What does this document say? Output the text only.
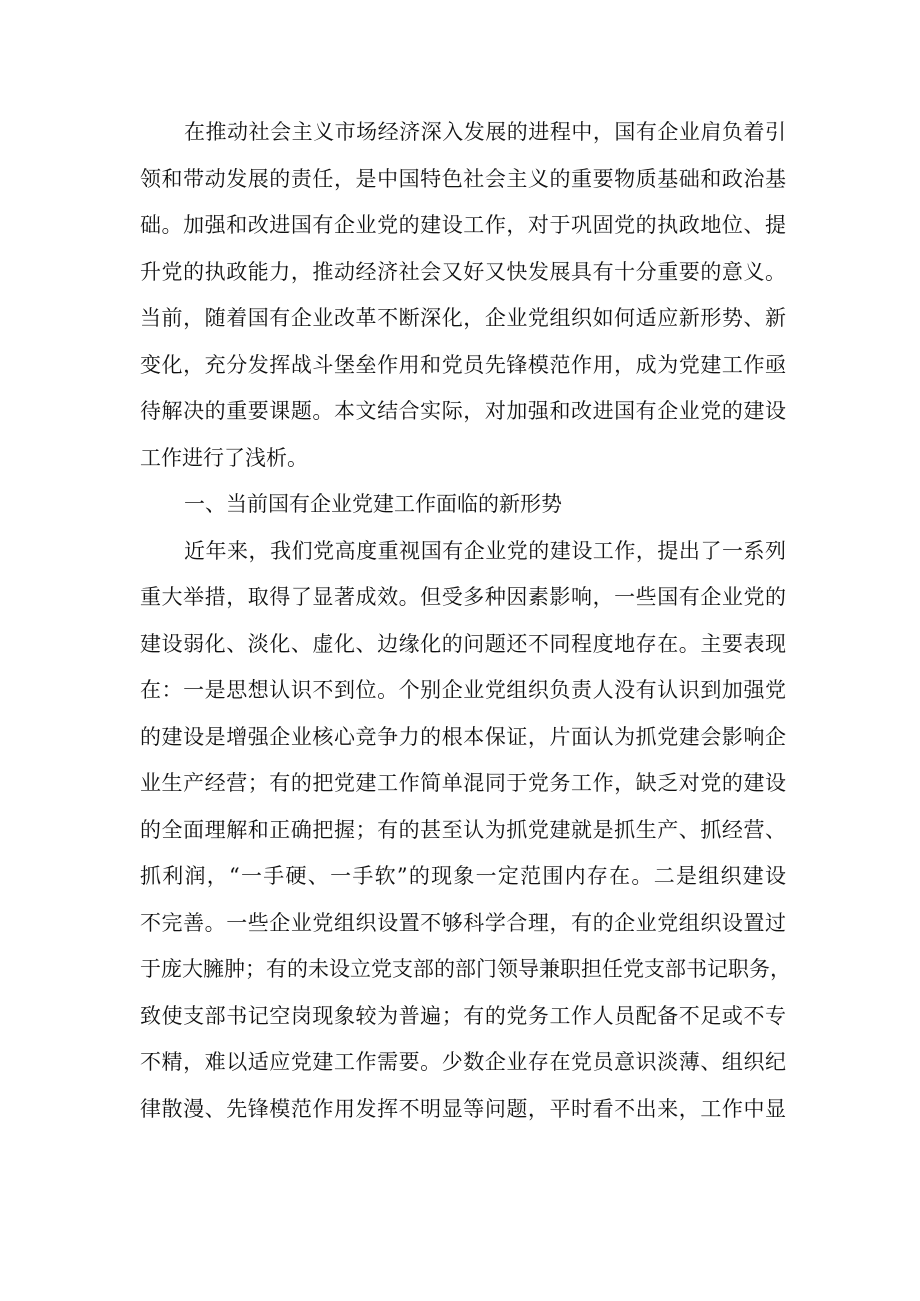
在推动社会主义市场经济深入发展的进程中，国有企业肩负着引
领和带动发展的责任，是中国特色社会主义的重要物质基础和政治基
础。加强和改进国有企业党的建设工作，对于巩固党的执政地位、提
升党的执政能力，推动经济社会又好又快发展具有十分重要的意义。
当前，随着国有企业改革不断深化，企业党组织如何适应新形势、新
变化，充分发挥战斗堡垒作用和党员先锋模范作用，成为党建工作亟
待解决的重要课题。本文结合实际，对加强和改进国有企业党的建设
工作进行了浅析。
一、当前国有企业党建工作面临的新形势
近年来，我们党高度重视国有企业党的建设工作，提出了一系列
重大举措，取得了显著成效。但受多种因素影响，一些国有企业党的
建设弱化、淡化、虚化、边缘化的问题还不同程度地存在。主要表现
在：一是思想认识不到位。个别企业党组织负责人没有认识到加强党
的建设是增强企业核心竞争力的根本保证，片面认为抓党建会影响企
业生产经营；有的把党建工作简单混同于党务工作，缺乏对党的建设
的全面理解和正确把握；有的甚至认为抓党建就是抓生产、抓经营、
抓利润，“一手硬、一手软”的现象一定范围内存在。二是组织建设
不完善。一些企业党组织设置不够科学合理，有的企业党组织设置过
于庞大臃肿；有的未设立党支部的部门领导兼职担任党支部书记职务，
致使支部书记空岗现象较为普遍；有的党务工作人员配备不足或不专
不精，难以适应党建工作需要。少数企业存在党员意识淡薄、组织纪
律散漫、先锋模范作用发挥不明显等问题，平时看不出来，工作中显
